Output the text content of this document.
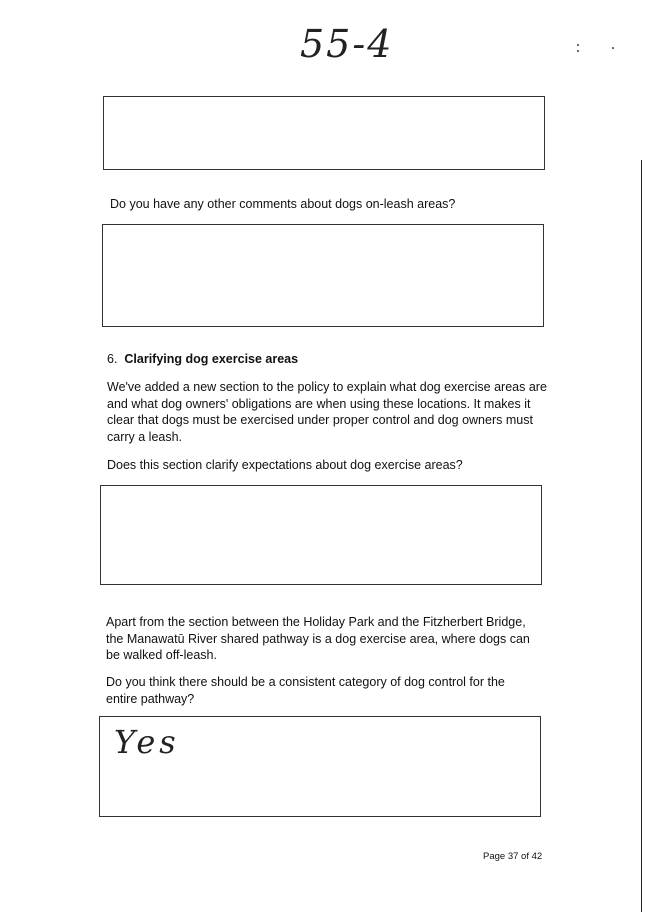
55-4
Do you have any other comments about dogs on-leash areas?
6. Clarifying dog exercise areas
We've added a new section to the policy to explain what dog exercise areas are and what dog owners' obligations are when using these locations. It makes it clear that dogs must be exercised under proper control and dog owners must carry a leash.
Does this section clarify expectations about dog exercise areas?
Apart from the section between the Holiday Park and the Fitzherbert Bridge, the Manawatū River shared pathway is a dog exercise area, where dogs can be walked off-leash.
Do you think there should be a consistent category of dog control for the entire pathway?
Yes
Page 37 of 42
